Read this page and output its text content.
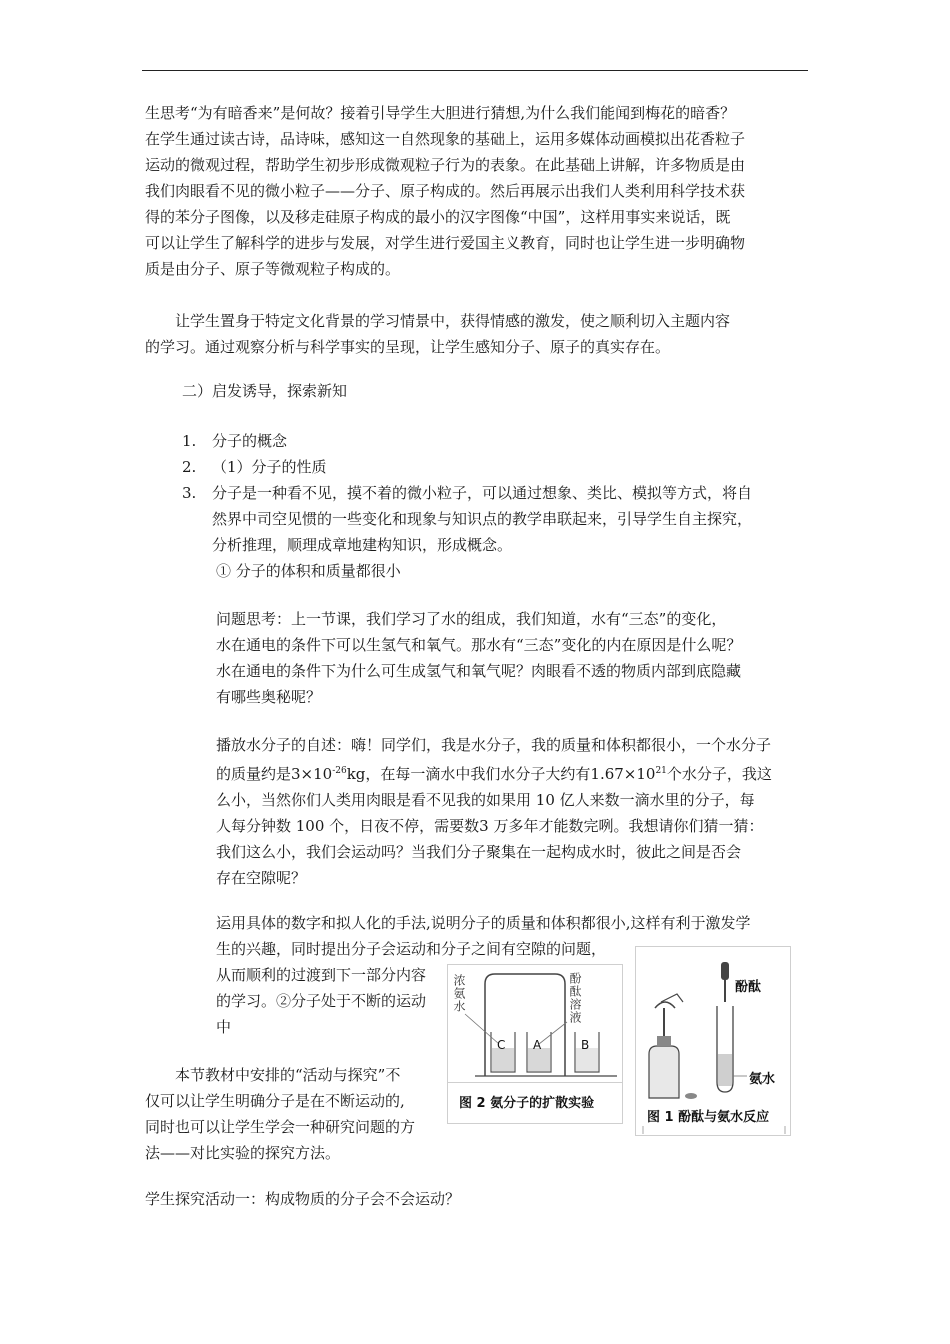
生思考“为有暗香来”是何故？接着引导学生大胆进行猜想,为什么我们能闻到梅花的暗香？
在学生通过读古诗，品诗味，感知这一自然现象的基础上，运用多媒体动画模拟出花香粒子
运动的微观过程，帮助学生初步形成微观粒子行为的表象。在此基础上讲解，许多物质是由
我们肉眼看不见的微小粒子——分子、原子构成的。然后再展示出我们人类利用科学技术获
得的苯分子图像，以及移走硅原子构成的最小的汉字图像“中国”，这样用事实来说话，既
可以让学生了解科学的进步与发展，对学生进行爱国主义教育，同时也让学生进一步明确物
质是由分子、原子等微观粒子构成的。
让学生置身于特定文化背景的学习情景中，获得情感的激发，使之顺利切入主题内容
的学习。通过观察分析与科学事实的呈现，让学生感知分子、原子的真实存在。
二）启发诱导，探索新知
1. 分子的概念
2. （1）分子的性质
3. 分子是一种看不见，摸不着的微小粒子，可以通过想象、类比、模拟等方式，将自
然界中司空见惯的一些变化和现象与知识点的教学串联起来，引导学生自主探究，
分析推理，顺理成章地建构知识，形成概念。
① 分子的体积和质量都很小
问题思考：上一节课，我们学习了水的组成，我们知道，水有“三态”的变化，
水在通电的条件下可以生氢气和氧气。那水有“三态”变化的内在原因是什么呢？
水在通电的条件下为什么可生成氢气和氧气呢？肉眼看不透的物质内部到底隐藏
有哪些奥秘呢？
播放水分子的自述：嗨！同学们，我是水分子，我的质量和体积都很小，一个水分子
的质量约是$3\times 10^{-26}kg$，在每一滴水中我们水分子大约有$1.67\times 10^{21}$个水分子，我这
么小，当然你们人类用肉眼是看不见我的如果用 10 亿人来数一滴水里的分子，每
人每分钟数 100 个，日夜不停，需要数3 万多年才能数完咧。我想请你们猜一猜：
我们这么小，我们会运动吗？当我们分子聚集在一起构成水时，彼此之间是否会
存在空隙呢？
运用具体的数字和拟人化的手法,说明分子的质量和体积都很小,这样有利于激发学
生的兴趣，同时提出分子会运动和分子之间有空隙的问题，
从而顺利的过渡到下一部分内容
的学习。②分子处于不断的运动
中
本节教材中安排的“活动与探究”不
仅可以让学生明确分子是在不断运动的,
同时也可以让学生学会一种研究问题的方
法——对比实验的探究方法。
学生探究活动一：构成物质的分子会不会运动？
浓氨水	酚酞溶液
C A	B
图 2 氨分子的扩散实验
酚酞
氨水
图 1 酚酞与氨水反应
